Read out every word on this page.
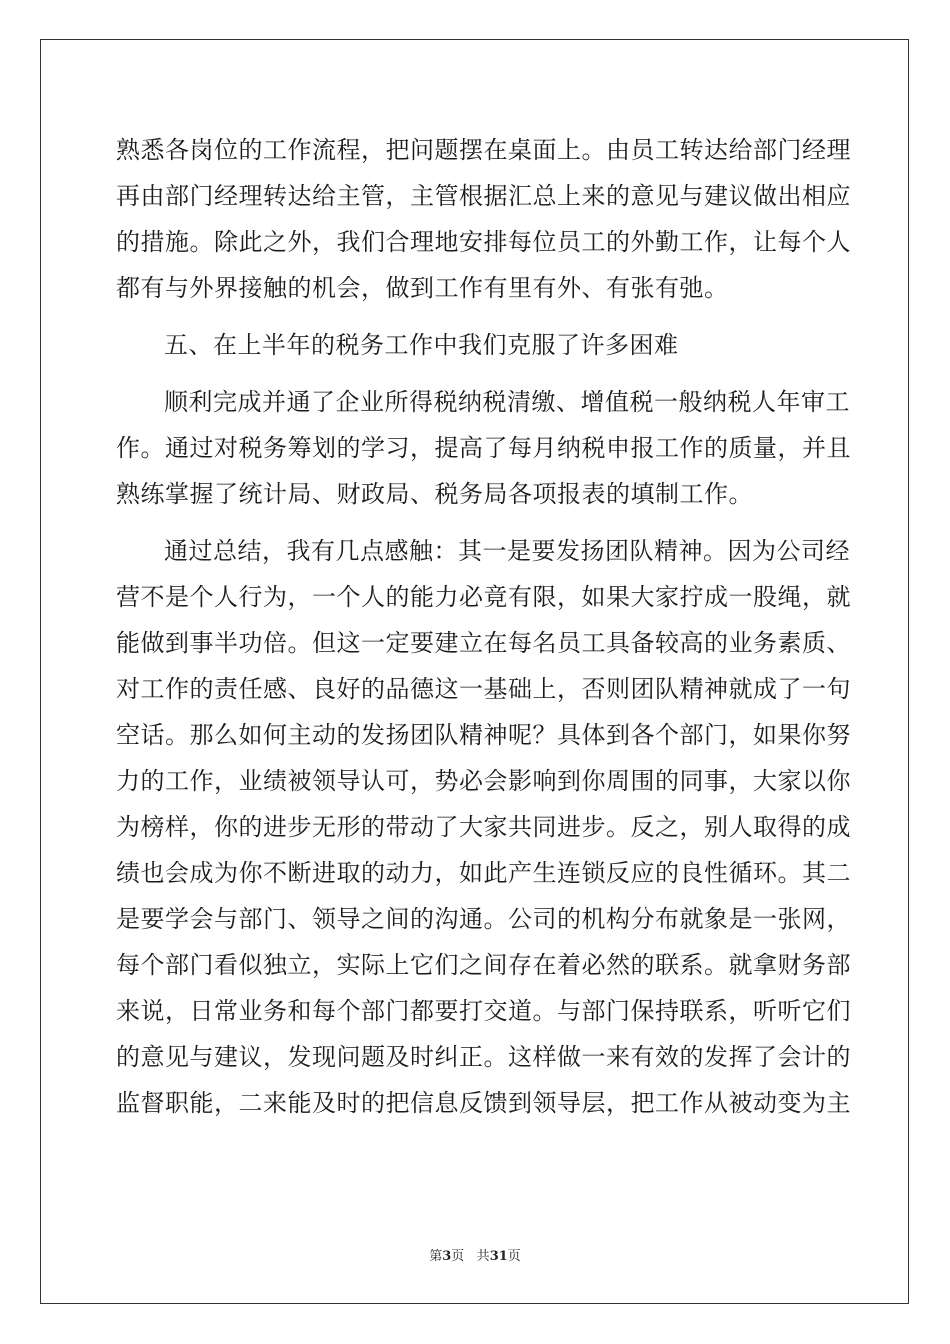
熟悉各岗位的工作流程，把问题摆在桌面上。由员工转达给部门经理
再由部门经理转达给主管，主管根据汇总上来的意见与建议做出相应
的措施。除此之外，我们合理地安排每位员工的外勤工作，让每个人
都有与外界接触的机会，做到工作有里有外、有张有弛。
五、在上半年的税务工作中我们克服了许多困难
顺利完成并通了企业所得税纳税清缴、增值税一般纳税人年审工
作。通过对税务筹划的学习，提高了每月纳税申报工作的质量，并且
熟练掌握了统计局、财政局、税务局各项报表的填制工作。
通过总结，我有几点感触：其一是要发扬团队精神。因为公司经
营不是个人行为，一个人的能力必竟有限，如果大家拧成一股绳，就
能做到事半功倍。但这一定要建立在每名员工具备较高的业务素质、
对工作的责任感、良好的品德这一基础上，否则团队精神就成了一句
空话。那么如何主动的发扬团队精神呢？具体到各个部门，如果你努
力的工作，业绩被领导认可，势必会影响到你周围的同事，大家以你
为榜样，你的进步无形的带动了大家共同进步。反之，别人取得的成
绩也会成为你不断进取的动力，如此产生连锁反应的良性循环。其二
是要学会与部门、领导之间的沟通。公司的机构分布就象是一张网，
每个部门看似独立，实际上它们之间存在着必然的联系。就拿财务部
来说，日常业务和每个部门都要打交道。与部门保持联系，听听它们
的意见与建议，发现问题及时纠正。这样做一来有效的发挥了会计的
监督职能，二来能及时的把信息反馈到领导层，把工作从被动变为主
第3页 共31页
